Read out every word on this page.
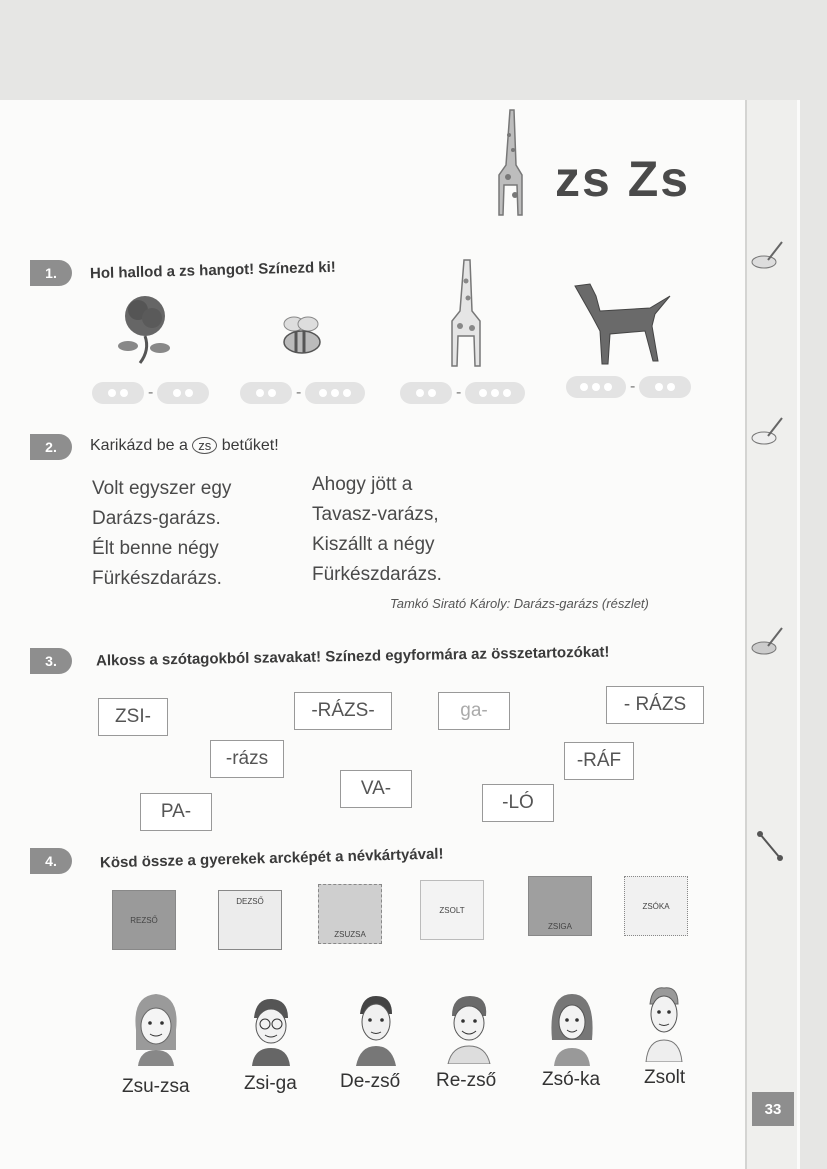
zs Zs
1.	Hol hallod a zs hangot! Színezd ki!
-	-	-	-
2.	Karikázd be a zs betűket!
Volt egyszer egy
Darázs-garázs.
Élt benne négy
Fürkészdarázs.
Ahogy jött a
Tavasz-varázs,
Kiszállt a négy
Fürkészdarázs.
Tamkó Sirató Károly: Darázs-garázs (részlet)
3.	Alkoss a szótagokból szavakat! Színezd egyformára az összetartozókat!
ZSI-	-RÁZS-	ga-	- RÁZS
-rázs	-RÁF
VA-
PA-	-LÓ
4.	Kösd össze a gyerekek arcképét a névkártyával!
REZSŐ
DEZSŐ
ZSUZSA
ZSOLT
ZSIGA
ZSÓKA
Zsu-zsa	Zsi-ga De-zső Re-zső Zsó-ka Zsolt
33
